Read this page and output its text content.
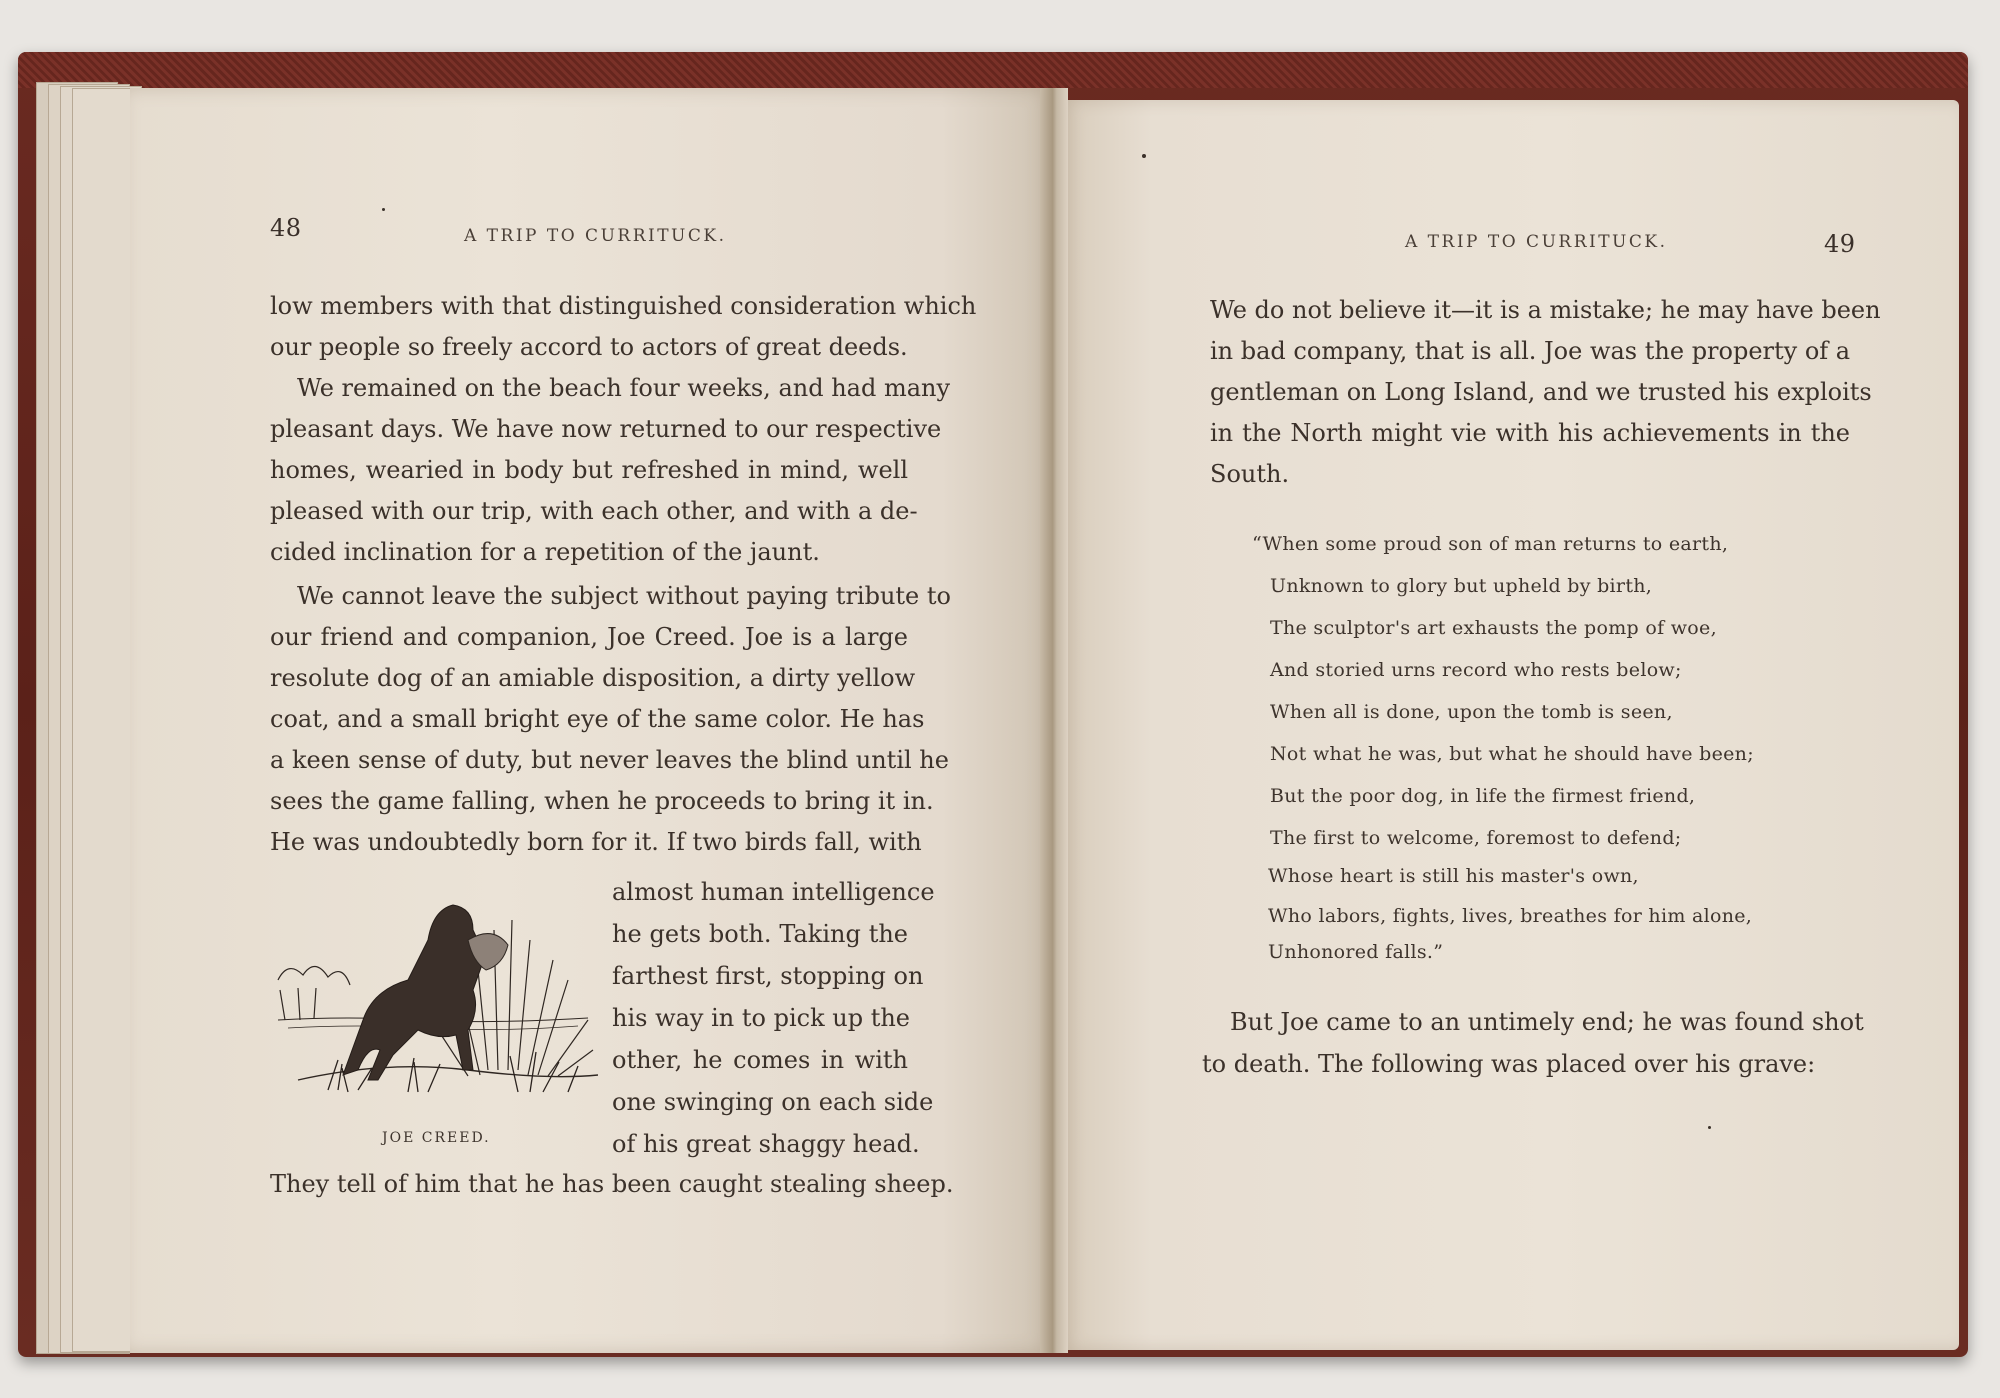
48	A TRIP TO CURRITUCK.
low members with that distinguished consideration which
our people so freely accord to actors of great deeds.
We remained on the beach four weeks, and had many
pleasant days. We have now returned to our respective
homes, wearied in body but refreshed in mind, well
pleased with our trip, with each other, and with a de-
cided inclination for a repetition of the jaunt.
We cannot leave the subject without paying tribute to
our friend and companion, Joe Creed. Joe is a large
resolute dog of an amiable disposition, a dirty yellow
coat, and a small bright eye of the same color. He has
a keen sense of duty, but never leaves the blind until he
sees the game falling, when he proceeds to bring it in.
He was undoubtedly born for it. If two birds fall, with
almost human intelligence
he gets both. Taking the
farthest first, stopping on
his way in to pick up the
other, he comes in with
one swinging on each side
of his great shaggy head.
They tell of him that he has been caught stealing sheep.
JOE CREED.
A TRIP TO CURRITUCK.	49
We do not believe it—it is a mistake; he may have been
in bad company, that is all. Joe was the property of a
gentleman on Long Island, and we trusted his exploits
in the North might vie with his achievements in the
South.
“When some proud son of man returns to earth,
Unknown to glory but upheld by birth,
The sculptor's art exhausts the pomp of woe,
And storied urns record who rests below;
When all is done, upon the tomb is seen,
Not what he was, but what he should have been;
But the poor dog, in life the firmest friend,
The first to welcome, foremost to defend;
Whose heart is still his master's own,
Who labors, fights, lives, breathes for him alone,
Unhonored falls.”
But Joe came to an untimely end; he was found shot
to death. The following was placed over his grave:
